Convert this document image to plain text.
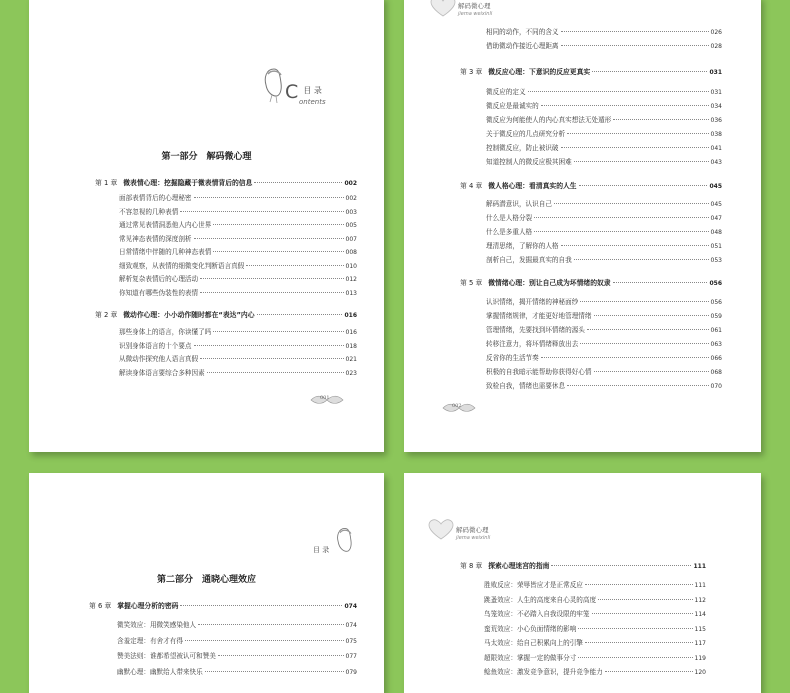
C $^{目 录}$
ontents
第一部分　解码微心理
第 1 章 微表情心理：挖掘隐藏于微表情背后的信息	002
面部表情背后的心理秘密	002
不容忽视的几种表情	003
通过常见表情洞悉他人内心世界	005
常见神态表情的深度剖析	007
日常情绪中伴随的几种神态表情	008
细致观察，从表情的细微变化判断语言真假	010
解析复杂表情后的心理活动	012
你知道有哪些伪装性的表情	013
第 2 章 微动作心理：小小动作随时都在“表达”内心	016
那些身体上的语言，你读懂了吗	016
识别身体语言的十个要点	018
从微动作探究他人语言真假	021
解读身体语言要综合多种因素	023
001
解码微心理
jiema weixinli
相同的动作，不同的含义	026
借助微动作接近心理距离	028
第 3 章 微反应心理：下意识的反应更真实	031
微反应的定义	031
微反应是最诚实的	034
微反应为何能使人的内心真实想法无处遁形	036
关于微反应的几点研究分析	038
控制微反应，防止被识破	041
知道控制人的微反应极其困难	043
第 4 章 微人格心理：看清真实的人生	045
解码潜意识，认识自己	045
什么是人格分裂	047
什么是多重人格	048
理清思绪，了解你的人格	051
剖析自己，发掘最真实的自我	053
第 5 章 微情绪心理：别让自己成为坏情绪的奴隶	056
认识情绪，揭开情绪的神秘面纱	056
掌握情绪规律，才能更好地管理情绪	059
管理情绪，先要找到坏情绪的源头	061
转移注意力，将坏情绪释放出去	063
反省你的生活节奏	066
积极的自我暗示能帮助你获得好心情	068
致检自我，情绪也需要休息	070
002
目 录
第二部分　通晓心理效应
第 6 章 掌握心理分析的密码	074
微笑效应：用微笑感染他人	074
含羞定理：有舍才有得	075
赞美法则：谁都希望被认可和赞美	077
幽默心理：幽默给人带来快乐	079
解码微心理
jiema weixinli
第 8 章 探索心理迷宫的指南	111
胜败反应：荣辱皆应才是正常反应	111
跳蚤效应：人生的高度来自心灵的高度	112
鸟笼效应：不必踏入自我设限的牢笼	114
蛮荒效应：小心负面情绪的影响	115
马太效应：给自己积累向上的引擎	117
超限效应：掌握一定的做事分寸	119
鲶鱼效应：激发竞争意识，提升竞争能力	120
